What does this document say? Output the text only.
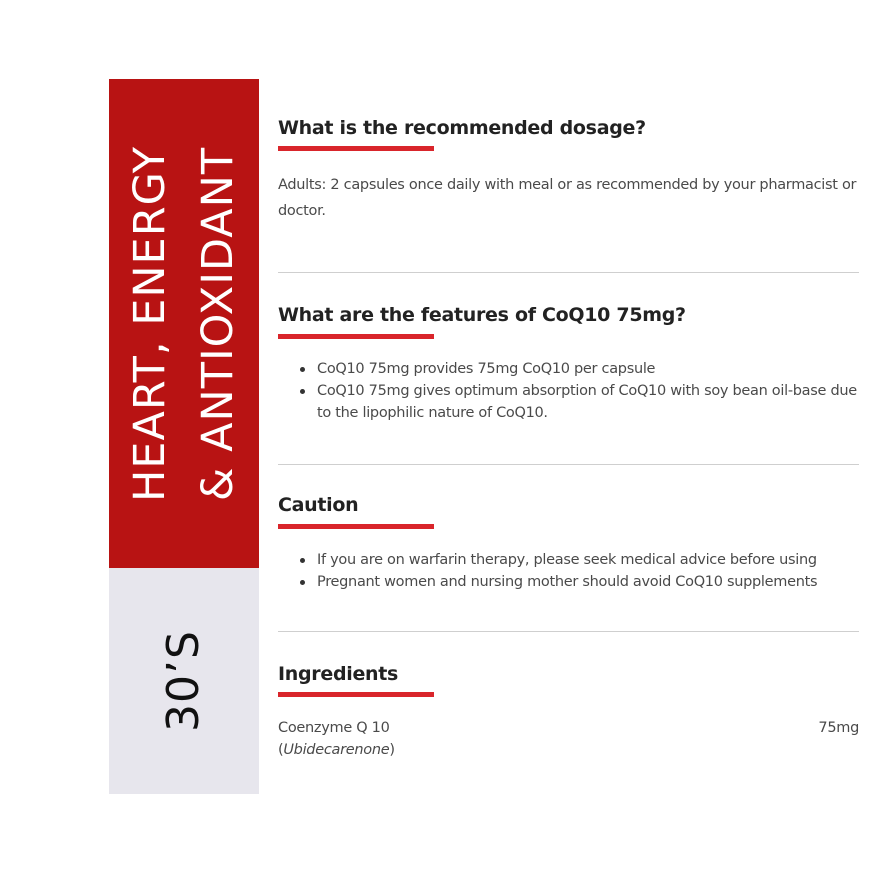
HEART, ENERGY & ANTIOXIDANT
30’S
What is the recommended dosage?
Adults: 2 capsules once daily with meal or as recommended by your pharmacist or doctor.
What are the features of CoQ10 75mg?
CoQ10 75mg provides 75mg CoQ10 per capsule
CoQ10 75mg gives optimum absorption of CoQ10 with soy bean oil-base due to the lipophilic nature of CoQ10.
Caution
If you are on warfarin therapy, please seek medical advice before using
Pregnant women and nursing mother should avoid CoQ10 supplements
Ingredients
Coenzyme Q 10
(Ubidecarenone)
75mg
